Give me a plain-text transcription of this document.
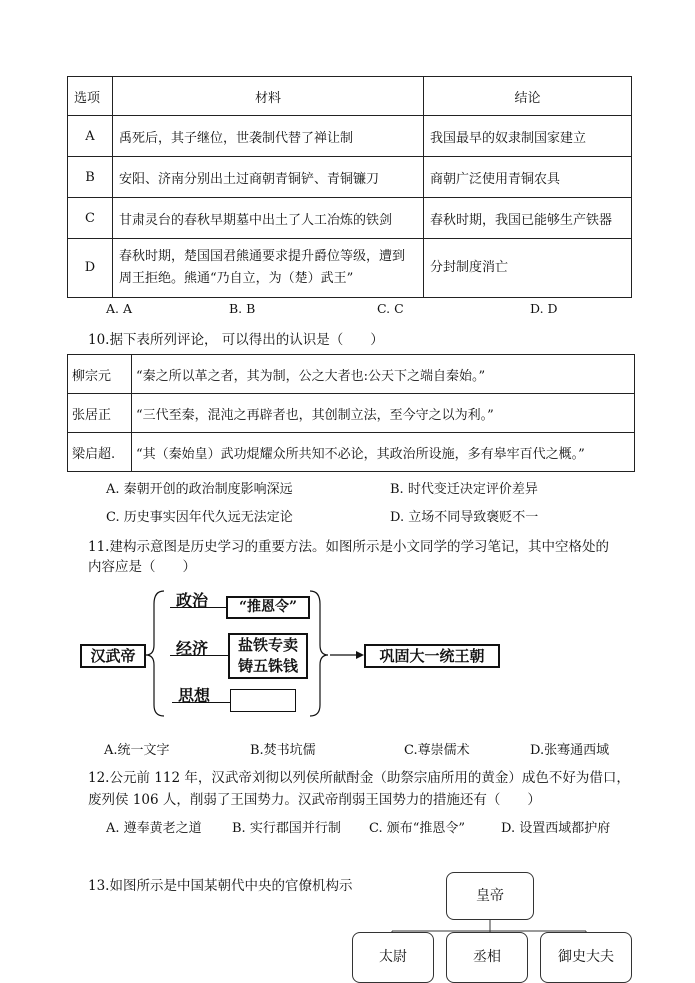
选项	材料	结论
A	禹死后，其子继位，世袭制代替了禅让制	我国最早的奴隶制国家建立
B	安阳、济南分别出土过商朝青铜铲、青铜镰刀	商朝广泛使用青铜农具
C	甘肃灵台的春秋早期墓中出土了人工冶炼的铁剑	春秋时期，我国已能够生产铁器
D	春秋时期，楚国国君熊通要求提升爵位等级，遭到周王拒绝。熊通“乃自立，为（楚）武王”	分封制度消亡
A. A	B. B	C. C	D. D
10.据下表所列评论， 可以得出的认识是（　　）
柳宗元	“秦之所以革之者，其为制，公之大者也:公天下之端自秦始。”
张居正	“三代至秦，混沌之再辟者也，其创制立法，至今守之以为利。”
梁启超.	“其（秦始皇）武功焜耀众所共知不必论，其政治所设施，多有皋牢百代之概。”
A. 秦朝开创的政治制度影响深远	B. 时代变迁决定评价差异
C. 历史事实因年代久远无法定论	D. 立场不同导致褒贬不一
11.建构示意图是历史学习的重要方法。如图所示是小文同学的学习笔记，其中空格处的
内容应是（　　）
汉武帝
政治	“推恩令”
经济	盐铁专卖
铸五铢钱
思想
巩固大一统王朝
A.统一文字	B.焚书坑儒	C.尊崇儒术	D.张骞通西域
12.公元前 112 年，汉武帝刘彻以列侯所献酎金（助祭宗庙所用的黄金）成色不好为借口，
废列侯 106 人，削弱了王国势力。汉武帝削弱王国势力的措施还有（　　）
A. 遵奉黄老之道 B. 实行郡国并行制 C. 颁布“推恩令”	D. 设置西域都护府
13.如图所示是中国某朝代中央的官僚机构示
皇帝
太尉	丞相	御史大夫
